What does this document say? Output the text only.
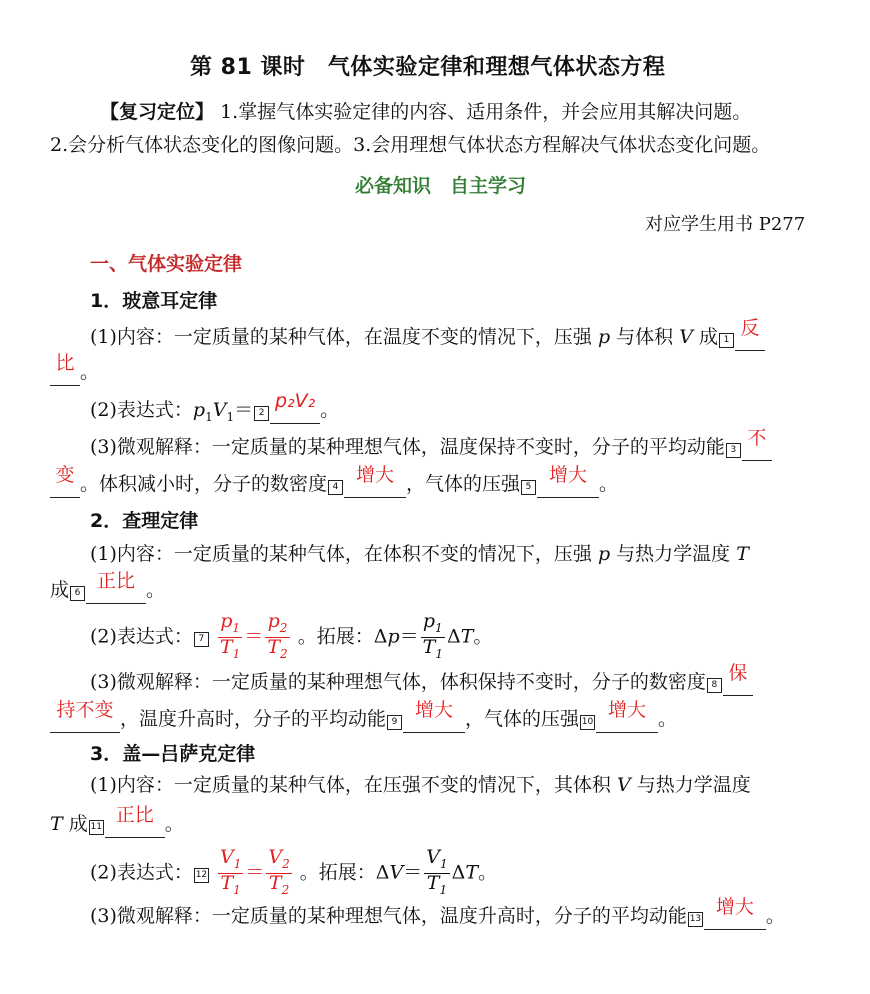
第 81 课时　气体实验定律和理想气体状态方程
【复习定位】 1.掌握气体实验定律的内容、适用条件，并会应用其解决问题。
2.会分析气体状态变化的图像问题。3.会用理想气体状态方程解决气体状态变化问题。
必备知识　自主学习
对应学生用书 P277
一、气体实验定律
1．玻意耳定律
(1)内容：一定质量的某种气体，在温度不变的情况下，压强 p 与体积 V 成 1反
比 。
(2)表达式：$p_1V_1= 2p_2V_2$ 。
(3)微观解释：一定质量的某种理想气体，温度保持不变时，分子的平均动能 3不
变 。体积减小时，分子的数密度 4增大 ，气体的压强 5增大 。
2．查理定律
(1)内容：一定质量的某种气体，在体积不变的情况下，压强 p 与热力学温度 T
成 6正比 。
(2)表达式： $7 \frac{p_1}{T_1} = \frac{p_2}{T_2}$ 。拓展：$\Delta p= \frac{p_1}{T_1}$ ΔT。
(3)微观解释：一定质量的某种理想气体，体积保持不变时，分子的数密度 8保
持不变 ，温度升高时，分子的平均动能 9增大 ，气体的压强 10增大 。
3．盖—吕萨克定律
(1)内容：一定质量的某种气体，在压强不变的情况下，其体积 V 与热力学温度
T 成 11正比 。
(2)表达式： $12 \frac{V_1}{T_1} = \frac{V_2}{T_2}$ 。拓展：$\Delta V= \frac{V_1}{T_1}$ ΔT。
(3)微观解释：一定质量的某种理想气体，温度升高时，分子的平均动能 13增大 。
